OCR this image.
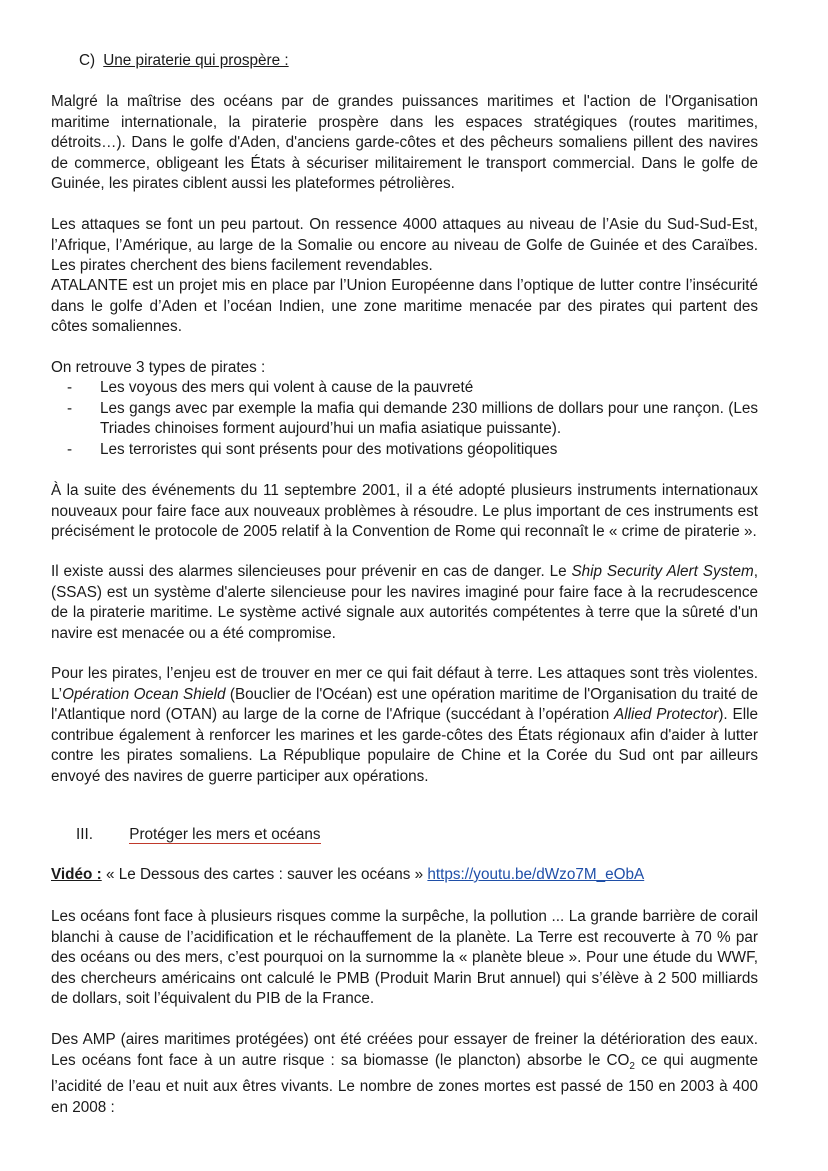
C) Une piraterie qui prospère :

Malgré la maîtrise des océans par de grandes puissances maritimes et l'action de l'Organisation maritime internationale, la piraterie prospère dans les espaces stratégiques (routes maritimes, détroits…). Dans le golfe d'Aden, d'anciens garde-côtes et des pêcheurs somaliens pillent des navires de commerce, obligeant les États à sécuriser militairement le transport commercial. Dans le golfe de Guinée, les pirates ciblent aussi les plateformes pétrolières.

Les attaques se font un peu partout. On ressence 4000 attaques au niveau de l’Asie du Sud-Sud-Est, l’Afrique, l’Amérique, au large de la Somalie ou encore au niveau de Golfe de Guinée et des Caraïbes. Les pirates cherchent des biens facilement revendables.

ATALANTE est un projet mis en place par l’Union Européenne dans l’optique de lutter contre l’insécurité dans le golfe d’Aden et l’océan Indien, une zone maritime menacée par des pirates qui partent des côtes somaliennes.

On retrouve 3 types de pirates :

- Les voyous des mers qui volent à cause de la pauvreté
- Les gangs avec par exemple la mafia qui demande 230 millions de dollars pour une rançon. (Les Triades chinoises forment aujourd’hui un mafia asiatique puissante).
- Les terroristes qui sont présents pour des motivations géopolitiques

À la suite des événements du 11 septembre 2001, il a été adopté plusieurs instruments internationaux nouveaux pour faire face aux nouveaux problèmes à résoudre. Le plus important de ces instruments est précisément le protocole de 2005 relatif à la Convention de Rome qui reconnaît le « crime de piraterie ».

Il existe aussi des alarmes silencieuses pour prévenir en cas de danger. Le Ship Security Alert System, (SSAS) est un système d'alerte silencieuse pour les navires imaginé pour faire face à la recrudescence de la piraterie maritime. Le système activé signale aux autorités compétentes à terre que la sûreté d'un navire est menacée ou a été compromise.

Pour les pirates, l’enjeu est de trouver en mer ce qui fait défaut à terre. Les attaques sont très violentes. L’Opération Ocean Shield (Bouclier de l'Océan) est une opération maritime de l'Organisation du traité de l'Atlantique nord (OTAN) au large de la corne de l'Afrique (succédant à l’opération Allied Protector). Elle contribue également à renforcer les marines et les garde-côtes des États régionaux afin d'aider à lutter contre les pirates somaliens. La République populaire de Chine et la Corée du Sud ont par ailleurs envoyé des navires de guerre participer aux opérations.

III. Protéger les mers et océans
Vidéo : « Le Dessous des cartes : sauver les océans » https://youtu.be/dWzo7M_eObA

Les océans font face à plusieurs risques comme la surpêche, la pollution ... La grande barrière de corail blanchi à cause de l’acidification et le réchauffement de la planète. La Terre est recouverte à 70 % par des océans ou des mers, c’est pourquoi on la surnomme la « planète bleue ». Pour une étude du WWF, des chercheurs américains ont calculé le PMB (Produit Marin Brut annuel) qui s’élève à 2 500 milliards de dollars, soit l’équivalent du PIB de la France.

Des AMP (aires maritimes protégées) ont été créées pour essayer de freiner la détérioration des eaux. Les océans font face à un autre risque : sa biomasse (le plancton) absorbe le $CO_2$ ce qui augmente l’acidité de l’eau et nuit aux êtres vivants. Le nombre de zones mortes est passé de 150 en 2003 à 400 en 2008 :
